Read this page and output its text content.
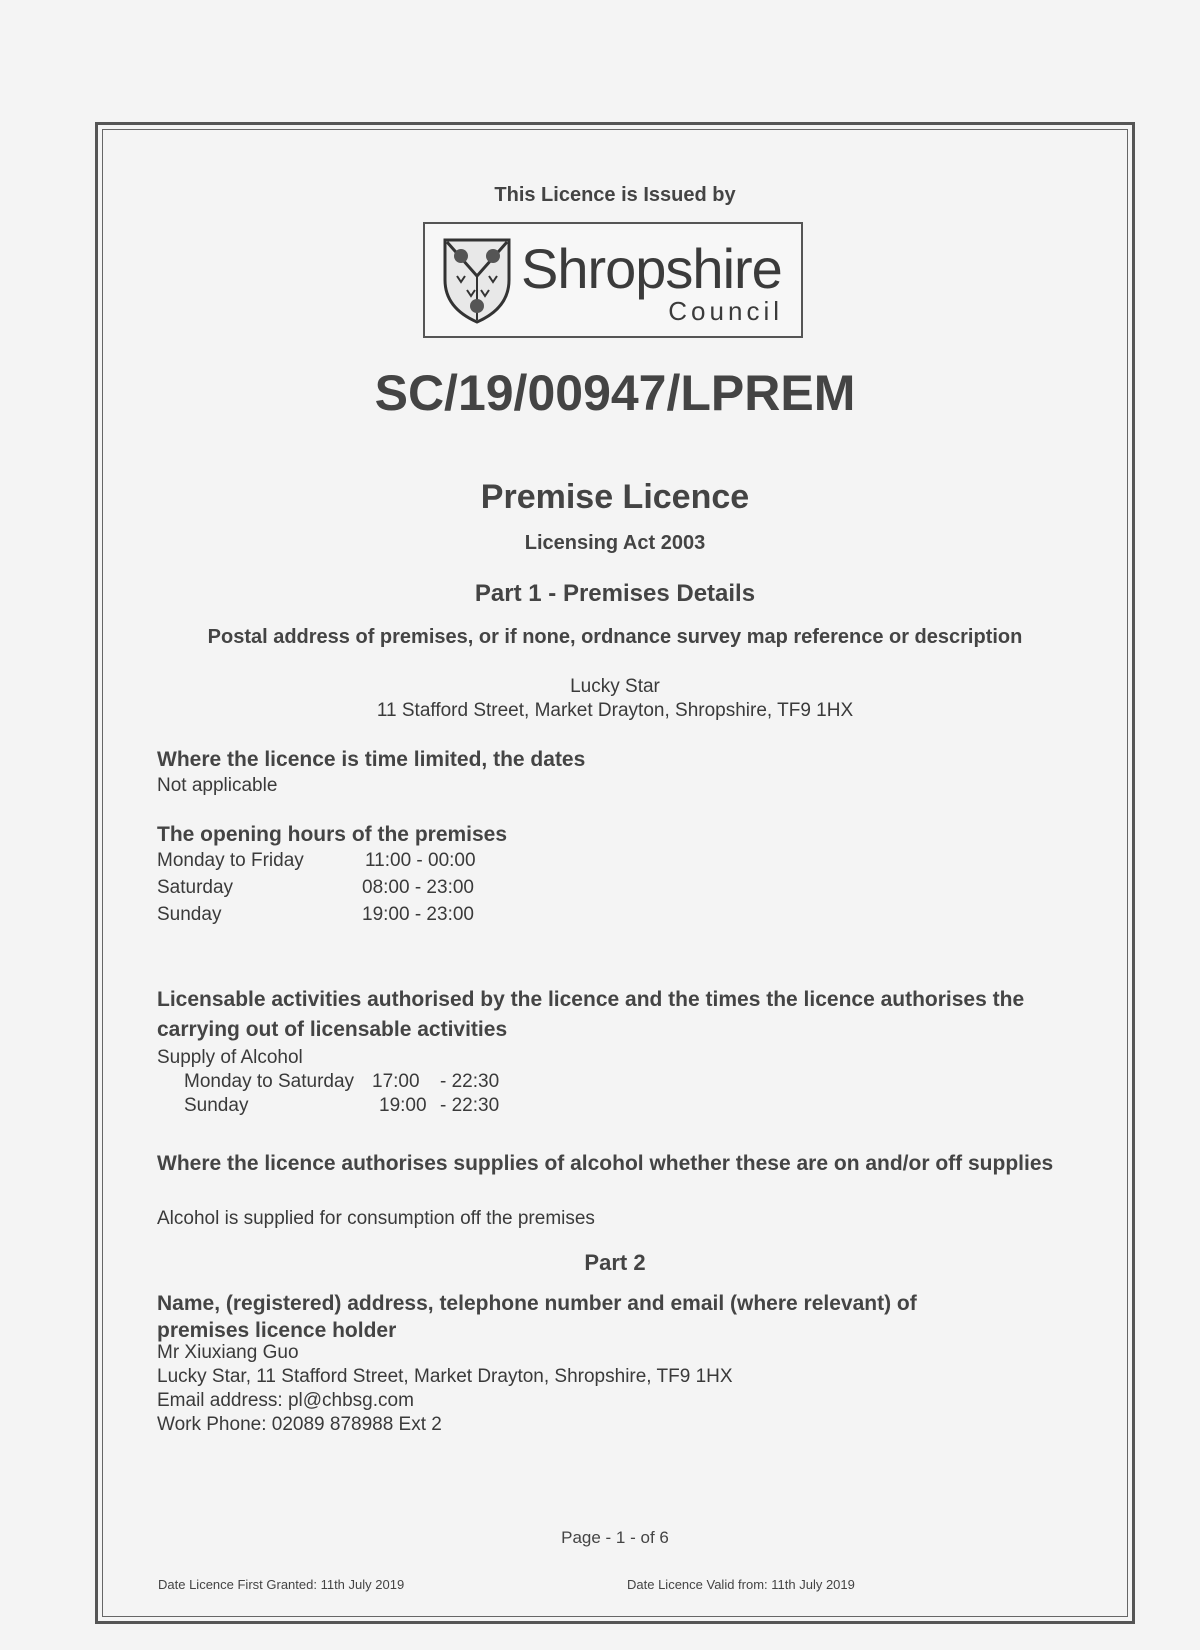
This Licence is Issued by
Shropshire
Council
SC/19/00947/LPREM
Premise Licence
Licensing Act 2003
Part 1 - Premises Details
Postal address of premises, or if none, ordnance survey map reference or description
Lucky Star
11 Stafford Street, Market Drayton, Shropshire, TF9 1HX
Where the licence is time limited, the dates
Not applicable
The opening hours of the premises
Monday to Friday	11:00 - 00:00
Saturday	08:00 - 23:00
Sunday	19:00 - 23:00
Licensable activities authorised by the licence and the times the licence authorises the carrying out of licensable activities
Supply of Alcohol
Monday to Saturday 17:00 - 22:30
Sunday	19:00 - 22:30
Where the licence authorises supplies of alcohol whether these are on and/or off supplies
Alcohol is supplied for consumption off the premises
Part 2
Name, (registered) address, telephone number and email (where relevant) of premises licence holder
Mr Xiuxiang Guo
Lucky Star, 11 Stafford Street, Market Drayton, Shropshire, TF9 1HX
Email address: pl@chbsg.com
Work Phone: 02089 878988 Ext 2
Page - 1 - of 6
Date Licence First Granted: 11th July 2019	Date Licence Valid from: 11th July 2019
